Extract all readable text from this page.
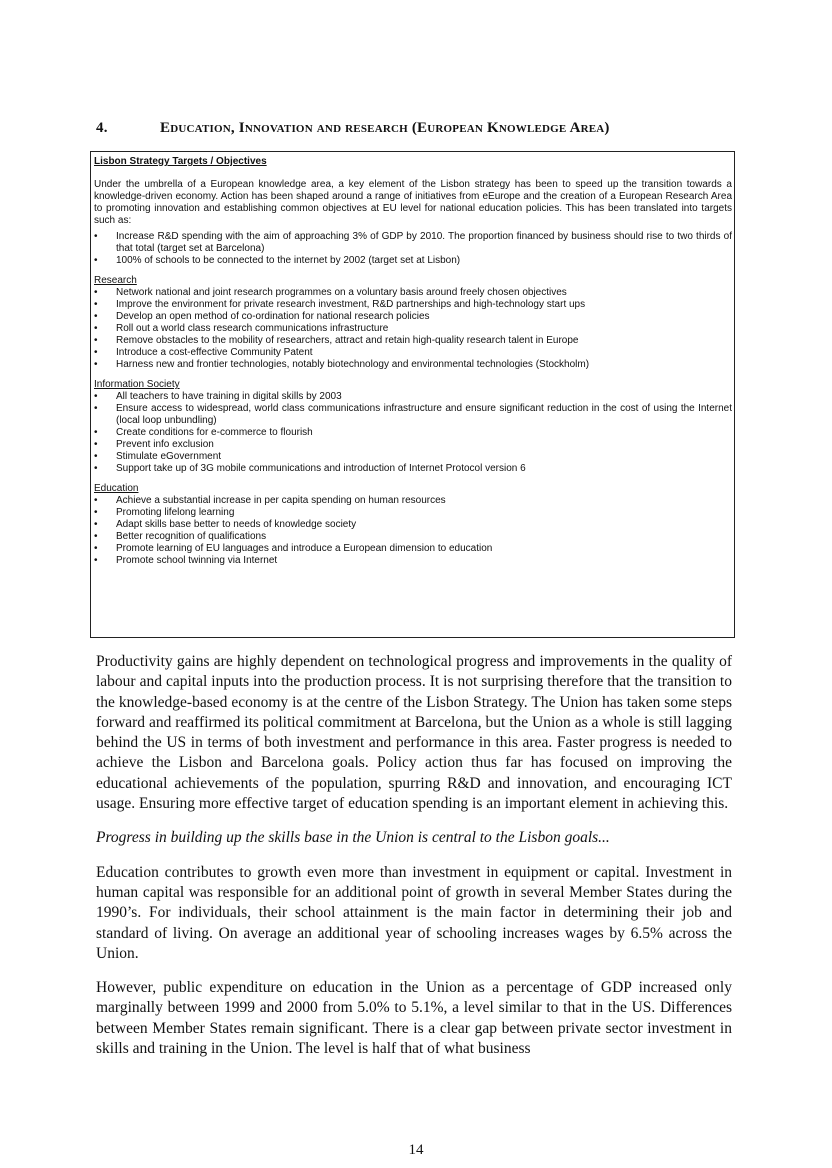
4.	Education, Innovation and research (European Knowledge Area)
Lisbon Strategy Targets / Objectives

Under the umbrella of a European knowledge area, a key element of the Lisbon strategy has been to speed up the transition towards a knowledge-driven economy. Action has been shaped around a range of initiatives from eEurope and the creation of a European Research Area to promoting innovation and establishing common objectives at EU level for national education policies. This has been translated into targets such as:

• Increase R&D spending with the aim of approaching 3% of GDP by 2010. The proportion financed by business should rise to two thirds of that total (target set at Barcelona)
• 100% of schools to be connected to the internet by 2002 (target set at Lisbon)
Research
• Network national and joint research programmes on a voluntary basis around freely chosen objectives
• Improve the environment for private research investment, R&D partnerships and high-technology start ups
• Develop an open method of co-ordination for national research policies
• Roll out a world class research communications infrastructure
• Remove obstacles to the mobility of researchers, attract and retain high-quality research talent in Europe
• Introduce a cost-effective Community Patent
• Harness new and frontier technologies, notably biotechnology and environmental technologies (Stockholm)
Information Society
• All teachers to have training in digital skills by 2003
• Ensure access to widespread, world class communications infrastructure and ensure significant reduction in the cost of using the Internet (local loop unbundling)
• Create conditions for e-commerce to flourish
• Prevent info exclusion
• Stimulate eGovernment
• Support take up of 3G mobile communications and introduction of Internet Protocol version 6
Education
• Achieve a substantial increase in per capita spending on human resources
• Promoting lifelong learning
• Adapt skills base better to needs of knowledge society
• Better recognition of qualifications
• Promote learning of EU languages and introduce a European dimension to education
• Promote school twinning via Internet

Productivity gains are highly dependent on technological progress and improvements in the quality of labour and capital inputs into the production process. It is not surprising therefore that the transition to the knowledge-based economy is at the centre of the Lisbon Strategy. The Union has taken some steps forward and reaffirmed its political commitment at Barcelona, but the Union as a whole is still lagging behind the US in terms of both investment and performance in this area. Faster progress is needed to achieve the Lisbon and Barcelona goals. Policy action thus far has focused on improving the educational achievements of the population, spurring R&D and innovation, and encouraging ICT usage. Ensuring more effective target of education spending is an important element in achieving this.

Progress in building up the skills base in the Union is central to the Lisbon goals...

Education contributes to growth even more than investment in equipment or capital. Investment in human capital was responsible for an additional point of growth in several Member States during the 1990’s. For individuals, their school attainment is the main factor in determining their job and standard of living. On average an additional year of schooling increases wages by 6.5% across the Union.

However, public expenditure on education in the Union as a percentage of GDP increased only marginally between 1999 and 2000 from 5.0% to 5.1%, a level similar to that in the US. Differences between Member States remain significant. There is a clear gap between private sector investment in skills and training in the Union. The level is half that of what business

14
